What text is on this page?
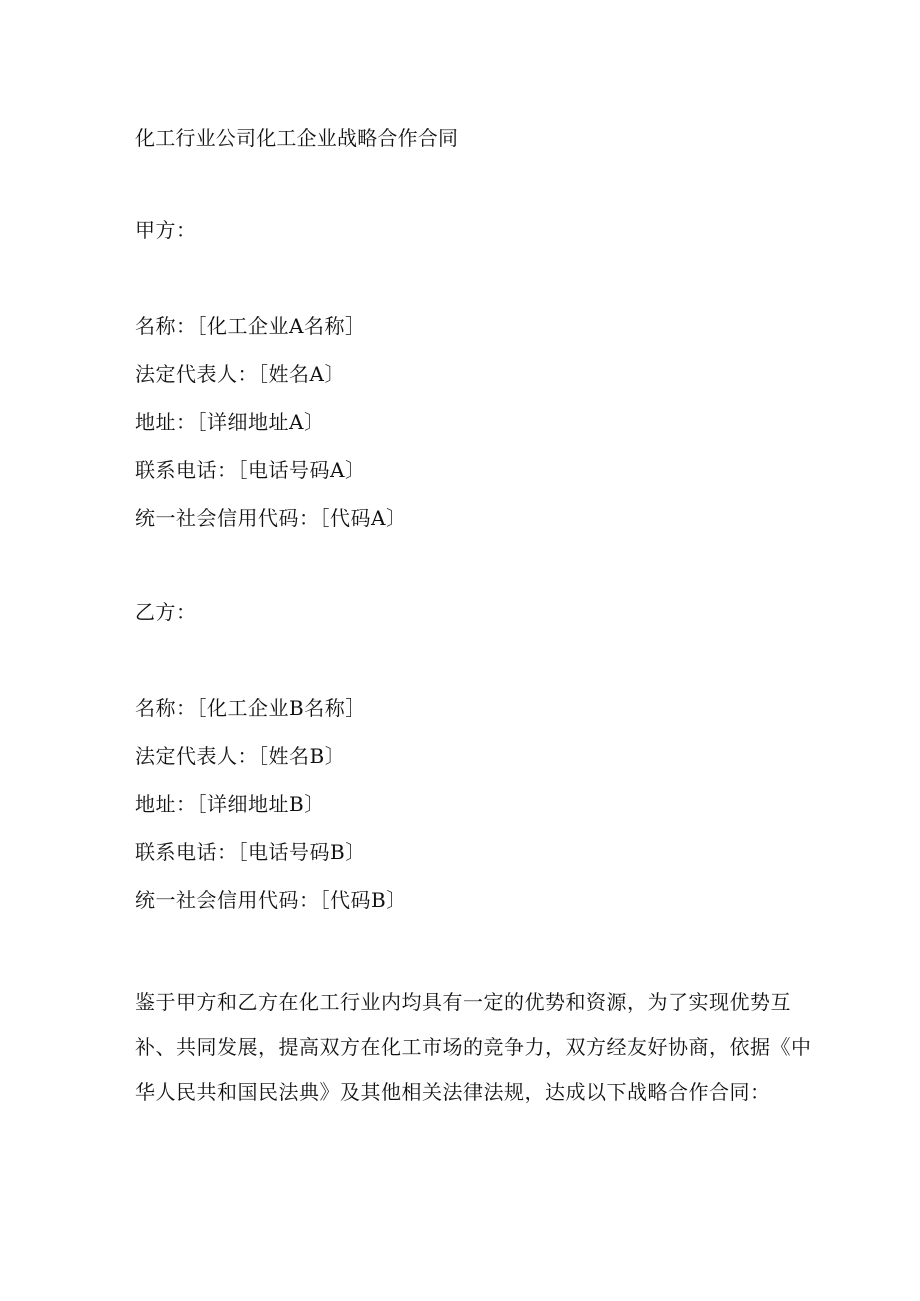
化工行业公司化工企业战略合作合同
甲方：
名称：［化工企业A名称］
法定代表人：［姓名A〕
地址：［详细地址A〕
联系电话：［电话号码A〕
统一社会信用代码：［代码A〕
乙方：
名称：［化工企业B名称］
法定代表人：［姓名B〕
地址：［详细地址B〕
联系电话：［电话号码B〕
统一社会信用代码：［代码B〕
鉴于甲方和乙方在化工行业内均具有一定的优势和资源，为了实现优势互
补、共同发展，提高双方在化工市场的竞争力，双方经友好协商，依据《中
华人民共和国民法典》及其他相关法律法规，达成以下战略合作合同：
